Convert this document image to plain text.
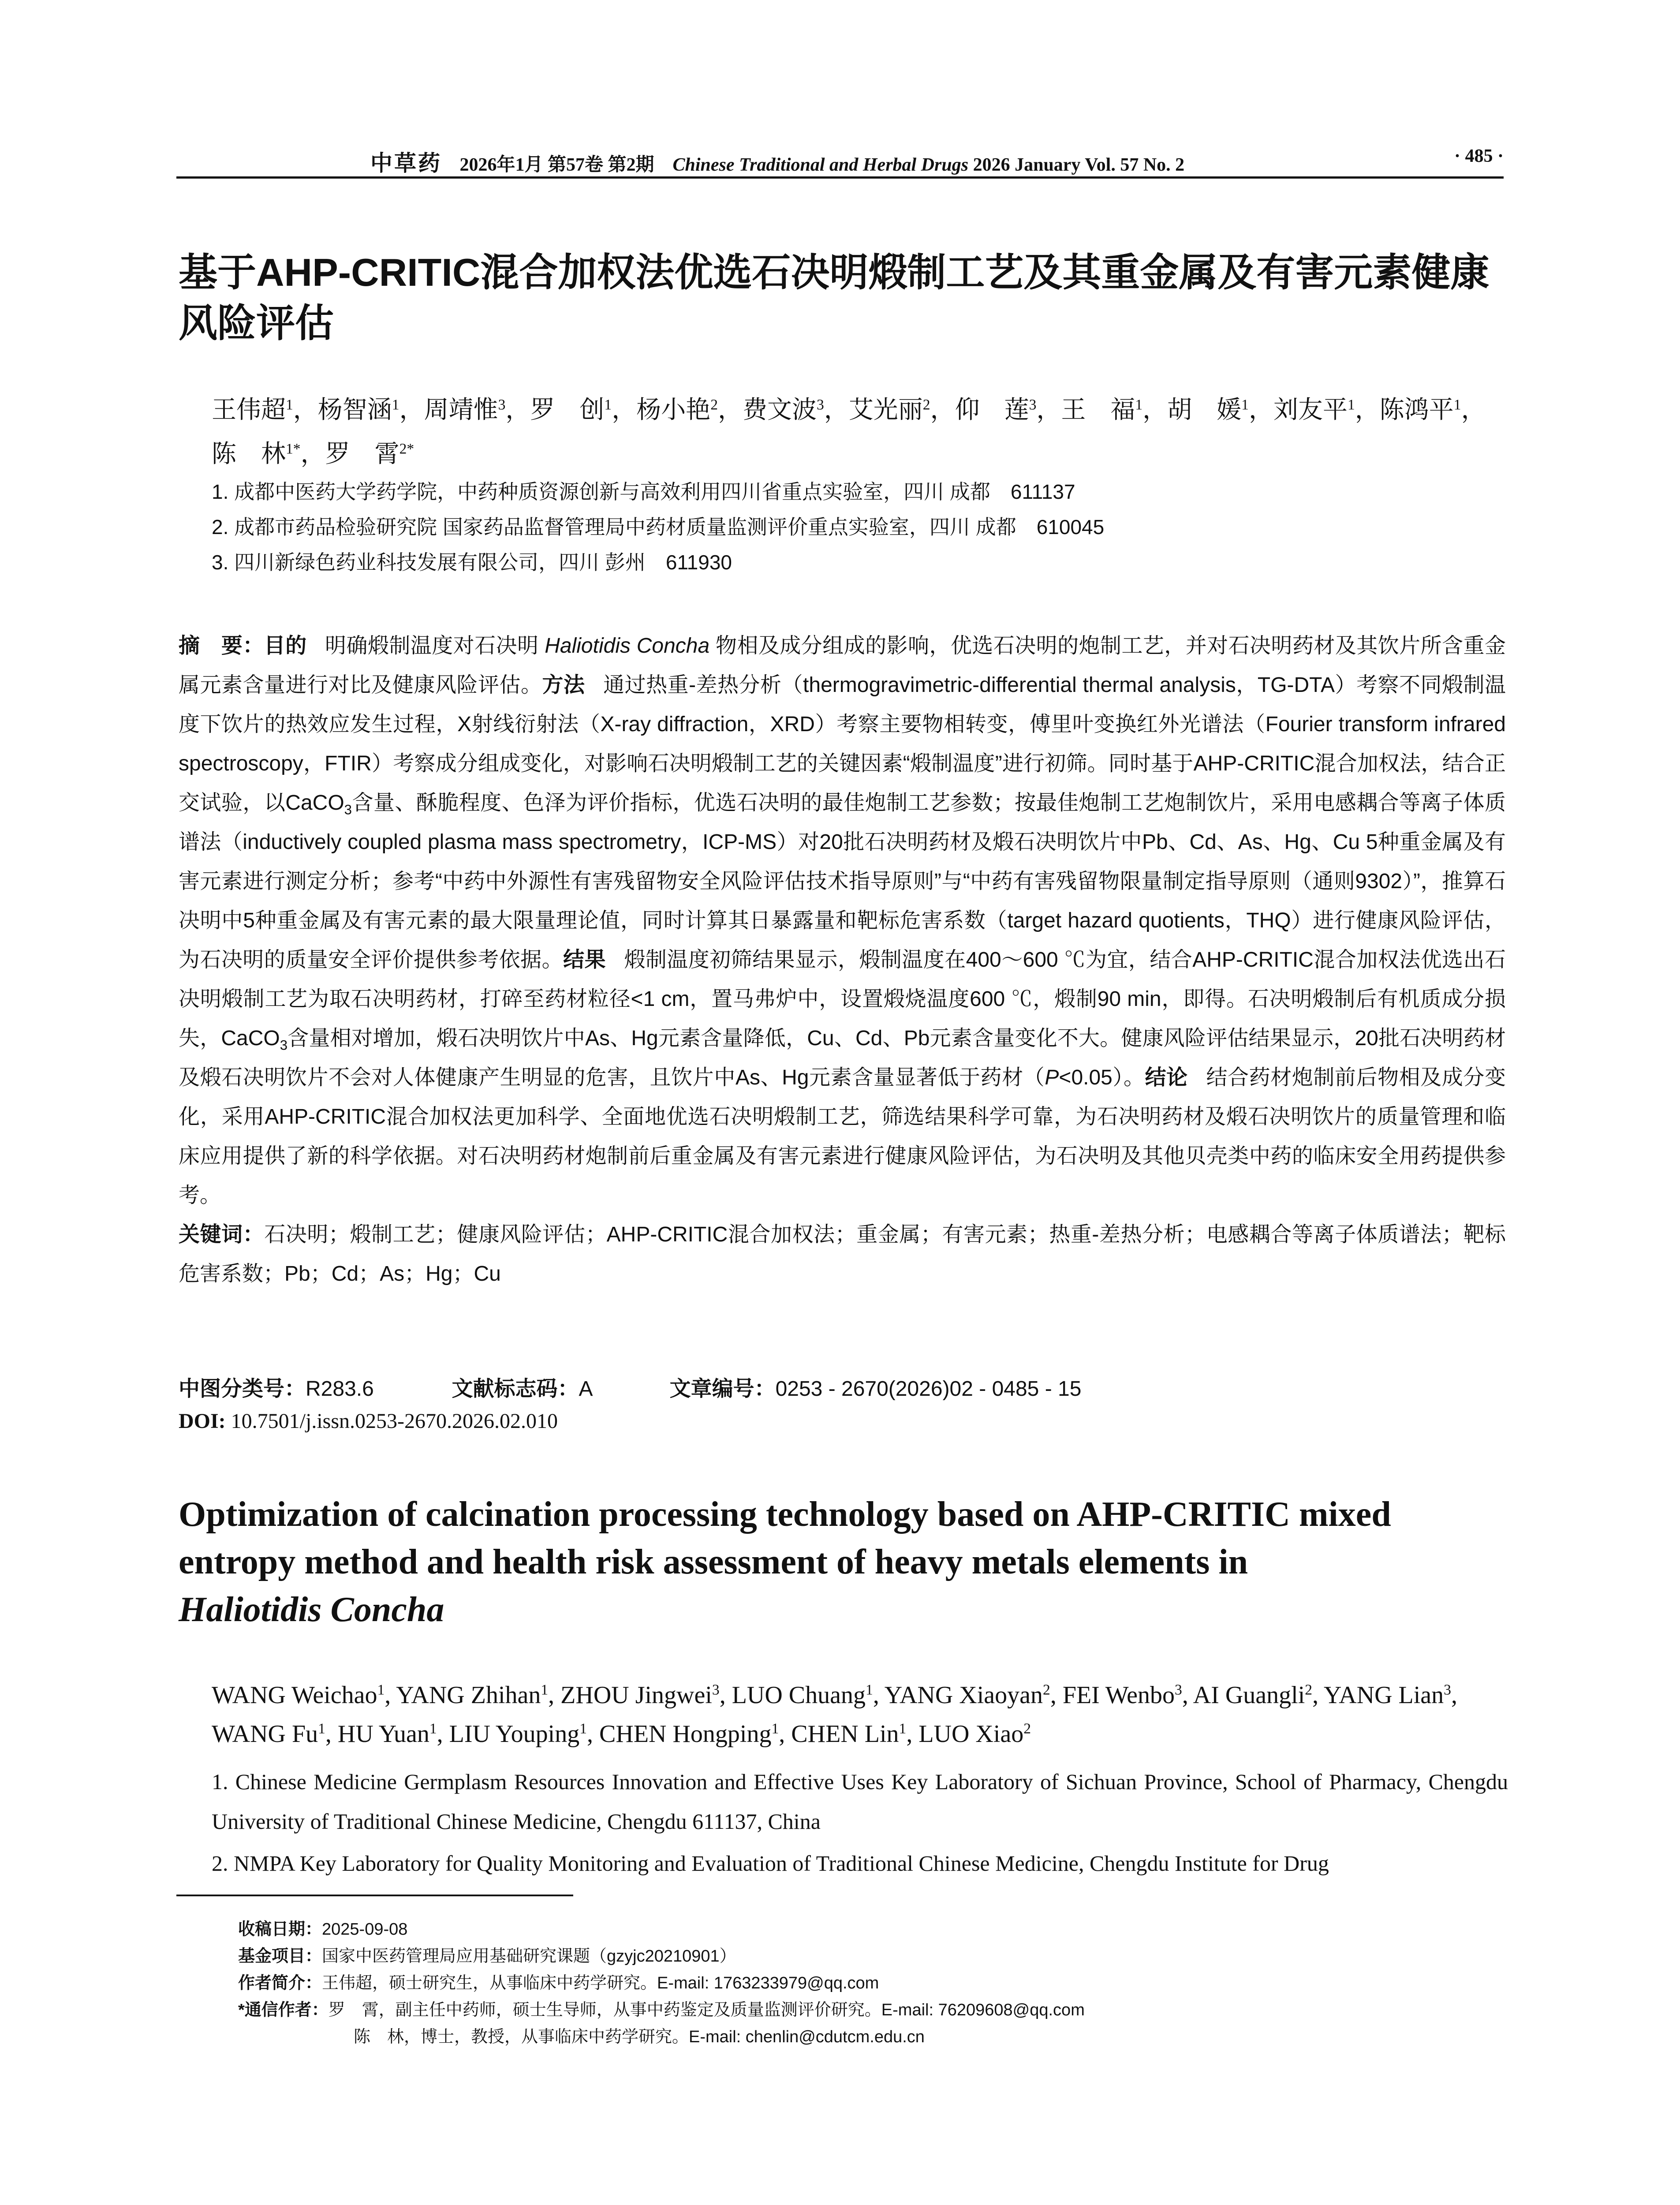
中草药 2026年1月 第57卷 第2期 Chinese Traditional and Herbal Drugs 2026 January Vol. 57 No. 2	· 485 ·
基于AHP-CRITIC混合加权法优选石决明煅制工艺及其重金属及有害元素健康风险评估
王伟超$^1$，杨智涵$^1$，周靖惟$^3$，罗　创$^1$，杨小艳$^2$，费文波$^3$，艾光丽$^2$，仰　莲$^3$，王　福$^1$，胡　媛$^1$，刘友平$^1$，陈鸿平$^1$，陈　林$^{1*}$，罗　霄$^{2*}$
1. 成都中医药大学药学院，中药种质资源创新与高效利用四川省重点实验室，四川 成都　611137
2. 成都市药品检验研究院 国家药品监督管理局中药材质量监测评价重点实验室，四川 成都　610045
3. 四川新绿色药业科技发展有限公司，四川 彭州　611930
摘　要：目的 明确煅制温度对石决明 Haliotidis Concha 物相及成分组成的影响，优选石决明的炮制工艺，并对石决明药材及其饮片所含重金属元素含量进行对比及健康风险评估。方法 通过热重-差热分析（thermogravimetric-differential thermal analysis，TG-DTA）考察不同煅制温度下饮片的热效应发生过程，X射线衍射法（X-ray diffraction，XRD）考察主要物相转变，傅里叶变换红外光谱法（Fourier transform infrared spectroscopy，FTIR）考察成分组成变化，对影响石决明煅制工艺的关键因素“煅制温度”进行初筛。同时基于AHP-CRITIC混合加权法，结合正交试验，以CaCO$_3$含量、酥脆程度、色泽为评价指标，优选石决明的最佳炮制工艺参数；按最佳炮制工艺炮制饮片，采用电感耦合等离子体质谱法（inductively coupled plasma mass spectrometry，ICP-MS）对20批石决明药材及煅石决明饮片中Pb、Cd、As、Hg、Cu 5种重金属及有害元素进行测定分析；参考“中药中外源性有害残留物安全风险评估技术指导原则”与“中药有害残留物限量制定指导原则（通则9302）”，推算石决明中5种重金属及有害元素的最大限量理论值，同时计算其日暴露量和靶标危害系数（target hazard quotients，THQ）进行健康风险评估，为石决明的质量安全评价提供参考依据。结果 煅制温度初筛结果显示，煅制温度在400～600 ℃为宜，结合AHP-CRITIC混合加权法优选出石决明煅制工艺为取石决明药材，打碎至药材粒径<1 cm，置马弗炉中，设置煅烧温度600 ℃，煅制90 min，即得。石决明煅制后有机质成分损失，CaCO$_3$含量相对增加，煅石决明饮片中As、Hg元素含量降低，Cu、Cd、Pb元素含量变化不大。健康风险评估结果显示，20批石决明药材及煅石决明饮片不会对人体健康产生明显的危害，且饮片中As、Hg元素含量显著低于药材（P<0.05）。结论 结合药材炮制前后物相及成分变化，采用AHP-CRITIC混合加权法更加科学、全面地优选石决明煅制工艺，筛选结果科学可靠，为石决明药材及煅石决明饮片的质量管理和临床应用提供了新的科学依据。对石决明药材炮制前后重金属及有害元素进行健康风险评估，为石决明及其他贝壳类中药的临床安全用药提供参考。
关键词：石决明；煅制工艺；健康风险评估；AHP-CRITIC混合加权法；重金属；有害元素；热重-差热分析；电感耦合等离子体质谱法；靶标危害系数；Pb；Cd；As；Hg；Cu
中图分类号：R283.6	文献标志码：A	文章编号：0253 - 2670(2026)02 - 0485 - 15
DOI: 10.7501/j.issn.0253-2670.2026.02.010
Optimization of calcination processing technology based on AHP-CRITIC mixed entropy method and health risk assessment of heavy metals elements in
Haliotidis Concha
WANG Weichao$^1$, YANG Zhihan$^1$, ZHOU Jingwei$^3$, LUO Chuang$^1$, YANG Xiaoyan$^2$, FEI Wenbo$^3$, AI Guangli$^2$, YANG Lian$^3$, WANG Fu$^1$, HU Yuan$^1$, LIU Youping$^1$, CHEN Hongping$^1$, CHEN Lin$^1$, LUO Xiao$^2$
1. Chinese Medicine Germplasm Resources Innovation and Effective Uses Key Laboratory of Sichuan Province, School of Pharmacy, Chengdu University of Traditional Chinese Medicine, Chengdu 611137, China
2. NMPA Key Laboratory for Quality Monitoring and Evaluation of Traditional Chinese Medicine, Chengdu Institute for Drug
收稿日期：2025-09-08
基金项目：国家中医药管理局应用基础研究课题（gzyjc20210901）
作者简介：王伟超，硕士研究生，从事临床中药学研究。E-mail: 1763233979@qq.com
*通信作者：罗　霄，副主任中药师，硕士生导师，从事中药鉴定及质量监测评价研究。E-mail: 76209608@qq.com
陈　林，博士，教授，从事临床中药学研究。E-mail: chenlin@cdutcm.edu.cn
